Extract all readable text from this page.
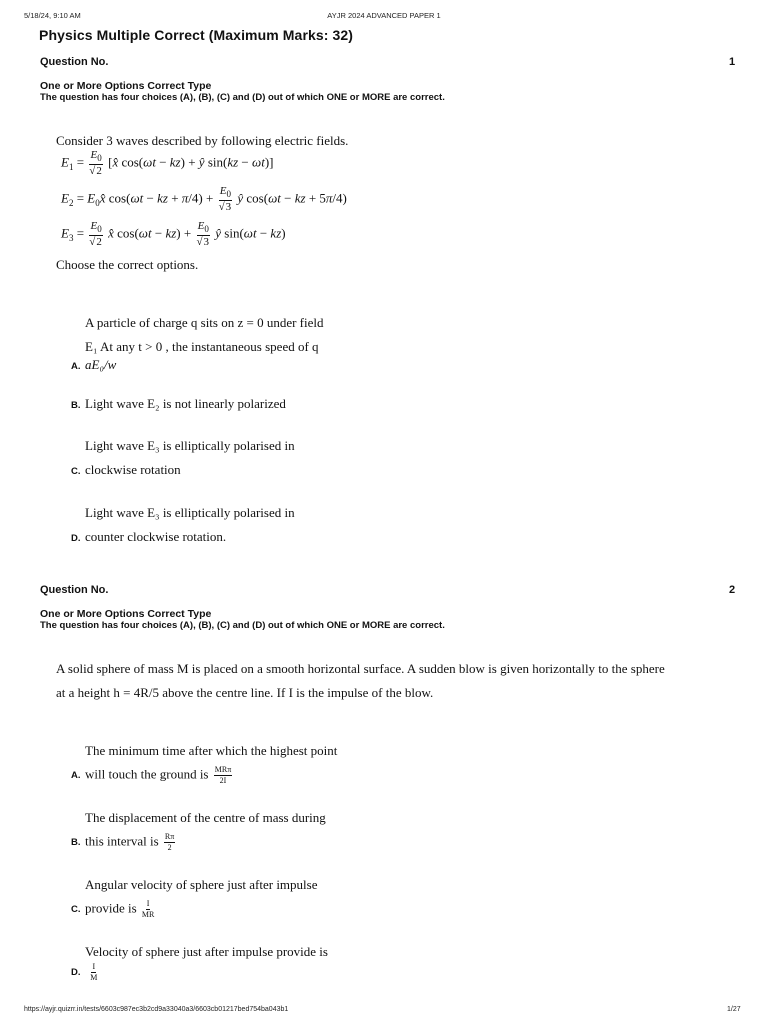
5/18/24, 9:10 AM	AYJR 2024 ADVANCED PAPER 1
Physics Multiple Correct (Maximum Marks: 32)
Question No.	1
One or More Options Correct Type
The question has four choices (A), (B), (C) and (D) out of which ONE or MORE are correct.
Consider 3 waves described by following electric fields.
$E_1 = \frac{E_0}{√2}$ [x̂ cos(ωt − kz) + ŷ sin(kz − ωt)]
$E_2$ = $E_0x̂$ cos(ωt − kz + $\pi/4) + \frac{E_0}{√3}$ ŷ cos(ωt − kz + 5π/4)
$E_3 = \frac{E_0}{√2}$ x̂ $\cos(\omega t - kz) + \frac{E_0}{√3}$ ŷ sin(ωt − kz)
Choose the correct options.
A particle of charge q sits on z = 0 under field
E₁ At any t > 0 , the instantaneous speed of q
A. aE₀/w
B. Light wave E₂ is not linearly polarized
Light wave E₃ is elliptically polarised in
C. clockwise rotation
Light wave E₃ is elliptically polarised in
D. counter clockwise rotation.
Question No.	2
One or More Options Correct Type
The question has four choices (A), (B), (C) and (D) out of which ONE or MORE are correct.
A solid sphere of mass M is placed on a smooth horizontal surface. A sudden blow is given horizontally to the sphere
at a height h = 4R/5 above the centre line. If I is the impulse of the blow.
The minimum time after which the highest point
A. will touch the ground is $\frac{\text{MRπ}}{2I}$
The displacement of the centre of mass during
B. this interval is $\frac{R\pi}{2}$
Angular velocity of sphere just after impulse
C. provide is $\frac{I}{MR}$
Velocity of sphere just after impulse provide is
D. $\frac{I}{M}$
https://ayjr.quizrr.in/tests/6603c987ec3b2cd9a33040a3/6603cb01217bed754ba043b1	1/27
